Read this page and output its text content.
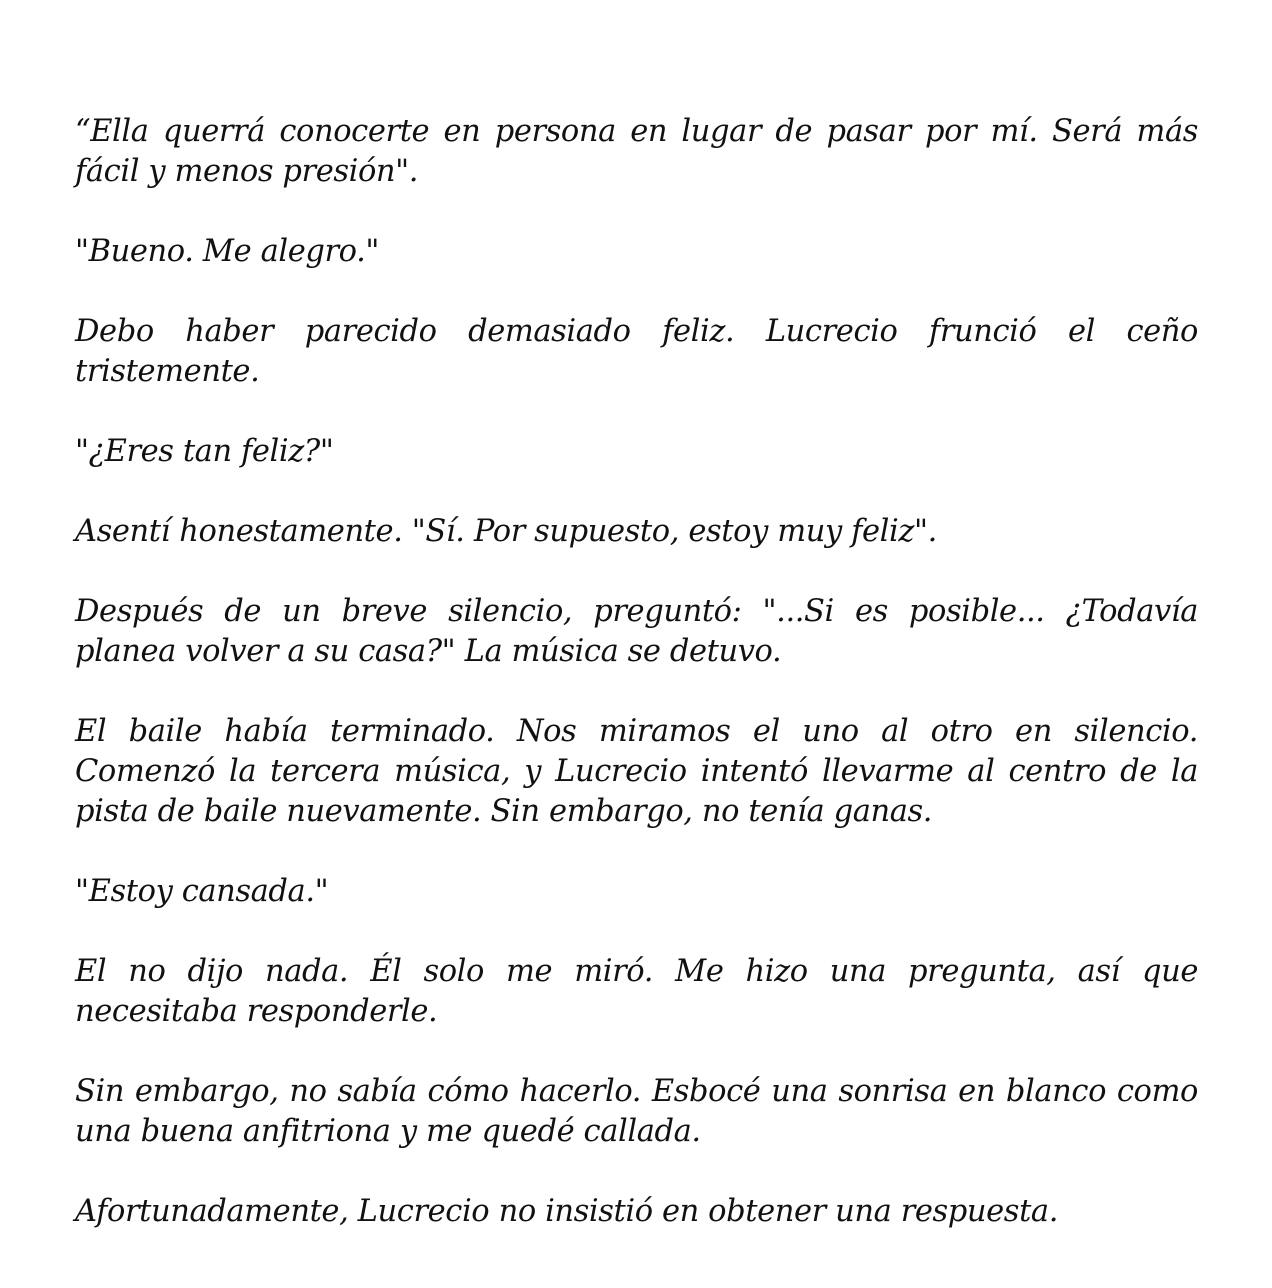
“Ella querrá conocerte en persona en lugar de pasar por mí. Será más fácil y menos presión".

"Bueno. Me alegro."

Debo haber parecido demasiado feliz. Lucrecio frunció el ceño tristemente.

"¿Eres tan feliz?"

Asentí honestamente. "Sí. Por supuesto, estoy muy feliz".

Después de un breve silencio, preguntó: "...Si es posible... ¿Todavía planea volver a su casa?" La música se detuvo.

El baile había terminado. Nos miramos el uno al otro en silencio. Comenzó la tercera música, y Lucrecio intentó llevarme al centro de la pista de baile nuevamente. Sin embargo, no tenía ganas.

"Estoy cansada."

El no dijo nada. Él solo me miró. Me hizo una pregunta, así que necesitaba responderle.

Sin embargo, no sabía cómo hacerlo. Esbocé una sonrisa en blanco como una buena anfitriona y me quedé callada.

Afortunadamente, Lucrecio no insistió en obtener una respuesta.
